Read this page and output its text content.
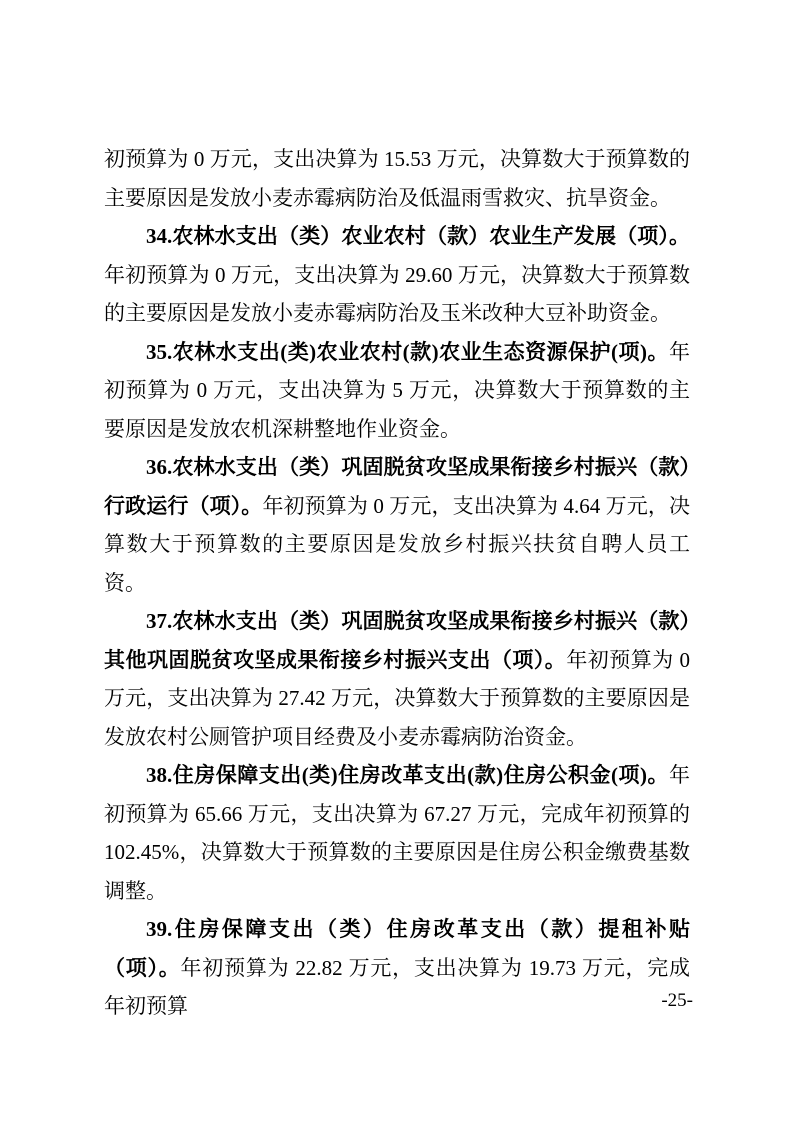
初预算为 0 万元，支出决算为 15.53 万元，决算数大于预算数的主要原因是发放小麦赤霉病防治及低温雨雪救灾、抗旱资金。

34.农林水支出（类）农业农村（款）农业生产发展（项）。年初预算为 0 万元，支出决算为 29.60 万元，决算数大于预算数的主要原因是发放小麦赤霉病防治及玉米改种大豆补助资金。

35.农林水支出(类)农业农村(款)农业生态资源保护(项)。年初预算为 0 万元，支出决算为 5 万元，决算数大于预算数的主要原因是发放农机深耕整地作业资金。

36.农林水支出（类）巩固脱贫攻坚成果衔接乡村振兴（款）行政运行（项）。年初预算为 0 万元，支出决算为 4.64 万元，决算数大于预算数的主要原因是发放乡村振兴扶贫自聘人员工资。

37.农林水支出（类）巩固脱贫攻坚成果衔接乡村振兴（款）其他巩固脱贫攻坚成果衔接乡村振兴支出（项）。年初预算为 0 万元，支出决算为 27.42 万元，决算数大于预算数的主要原因是发放农村公厕管护项目经费及小麦赤霉病防治资金。

38.住房保障支出(类)住房改革支出(款)住房公积金(项)。年初预算为 65.66 万元，支出决算为 67.27 万元，完成年初预算的 102.45%，决算数大于预算数的主要原因是住房公积金缴费基数调整。

39.住房保障支出（类）住房改革支出（款）提租补贴（项）。年初预算为 22.82 万元，支出决算为 19.73 万元，完成年初预算	-25-
